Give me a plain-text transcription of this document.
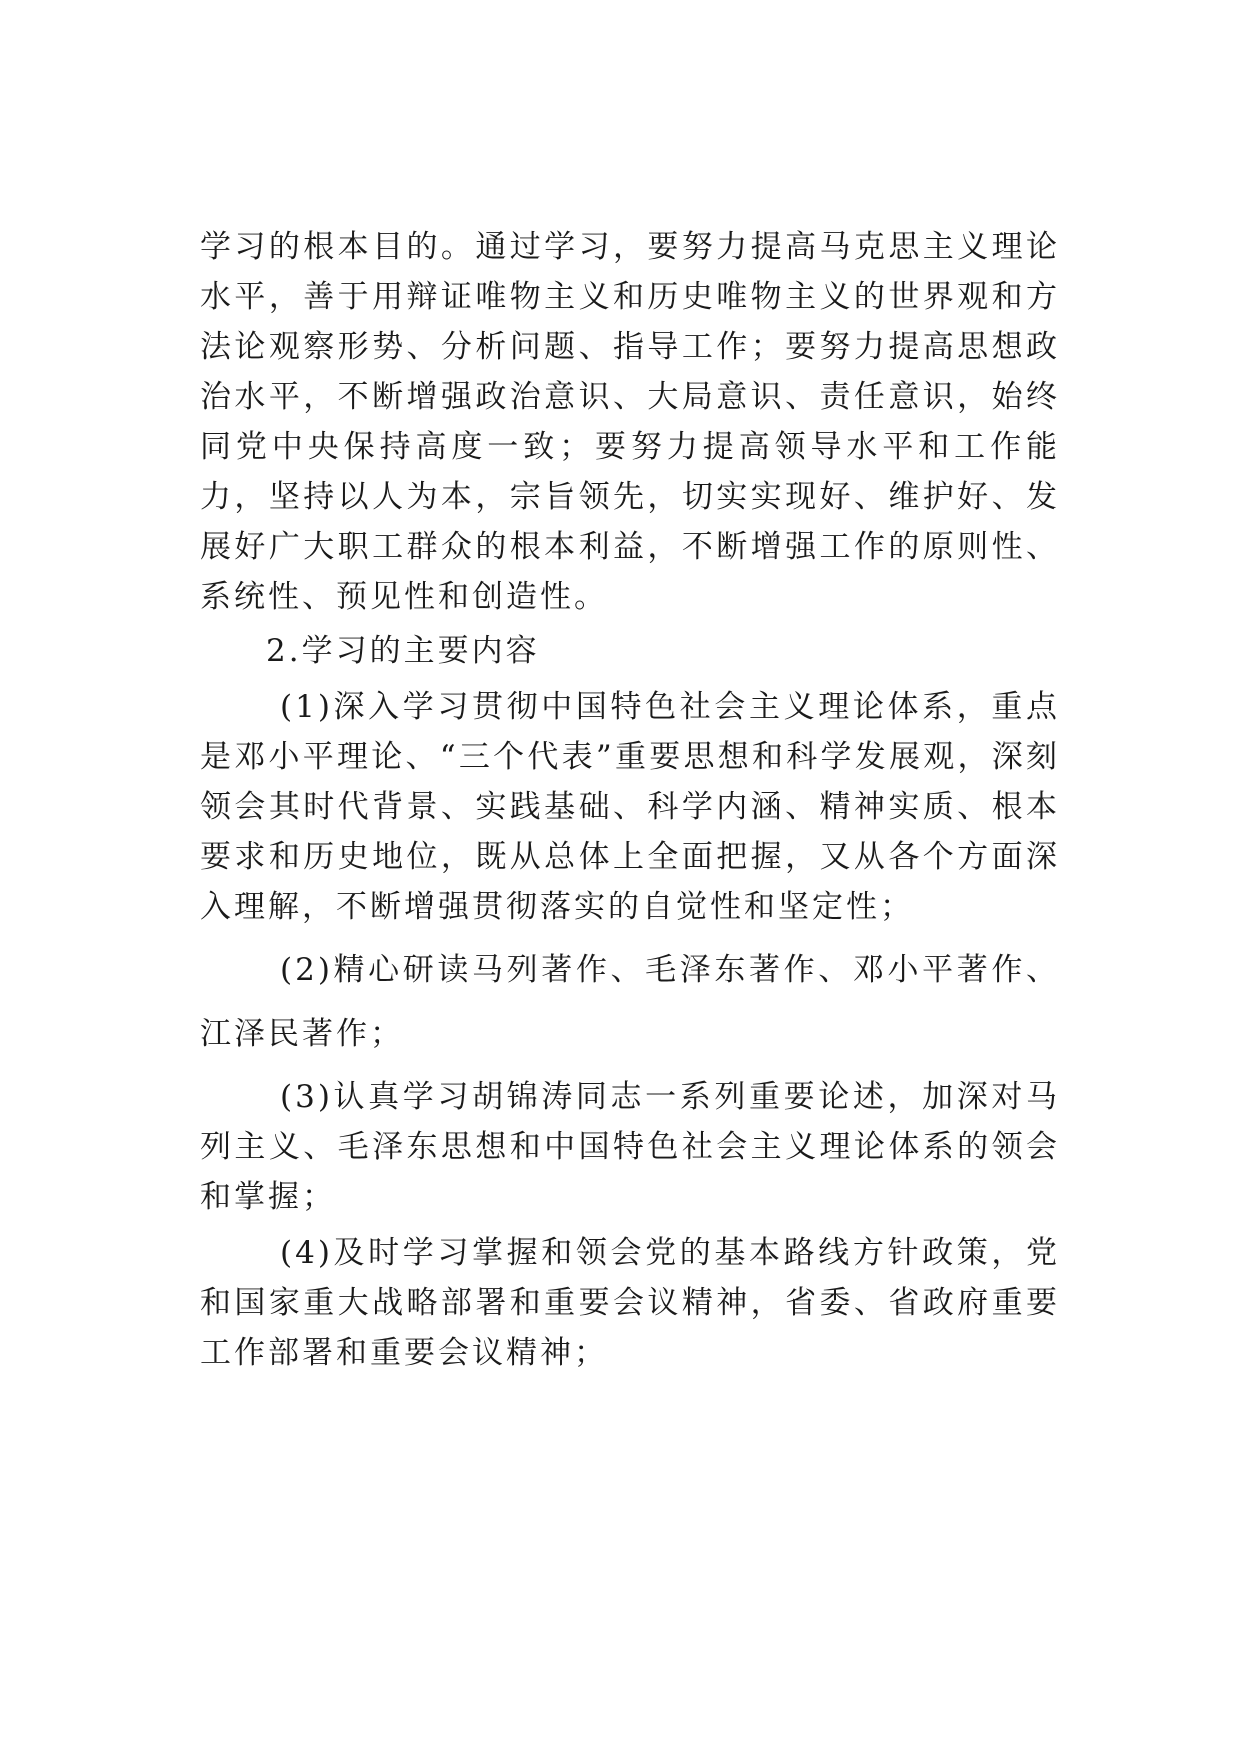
学习的根本目的。通过学习，要努力提高马克思主义理论水平，善于用辩证唯物主义和历史唯物主义的世界观和方法论观察形势、分析问题、指导工作；要努力提高思想政治水平，不断增强政治意识、大局意识、责任意识，始终同党中央保持高度一致；要努力提高领导水平和工作能力，坚持以人为本，宗旨领先，切实实现好、维护好、发展好广大职工群众的根本利益，不断增强工作的原则性、系统性、预见性和创造性。

2.学习的主要内容

(1)深入学习贯彻中国特色社会主义理论体系，重点是邓小平理论、“三个代表”重要思想和科学发展观，深刻领会其时代背景、实践基础、科学内涵、精神实质、根本要求和历史地位，既从总体上全面把握，又从各个方面深入理解，不断增强贯彻落实的自觉性和坚定性；

(2)精心研读马列著作、毛泽东著作、邓小平著作、江泽民著作；

(3)认真学习胡锦涛同志一系列重要论述，加深对马列主义、毛泽东思想和中国特色社会主义理论体系的领会和掌握；

(4)及时学习掌握和领会党的基本路线方针政策，党和国家重大战略部署和重要会议精神，省委、省政府重要工作部署和重要会议精神；
